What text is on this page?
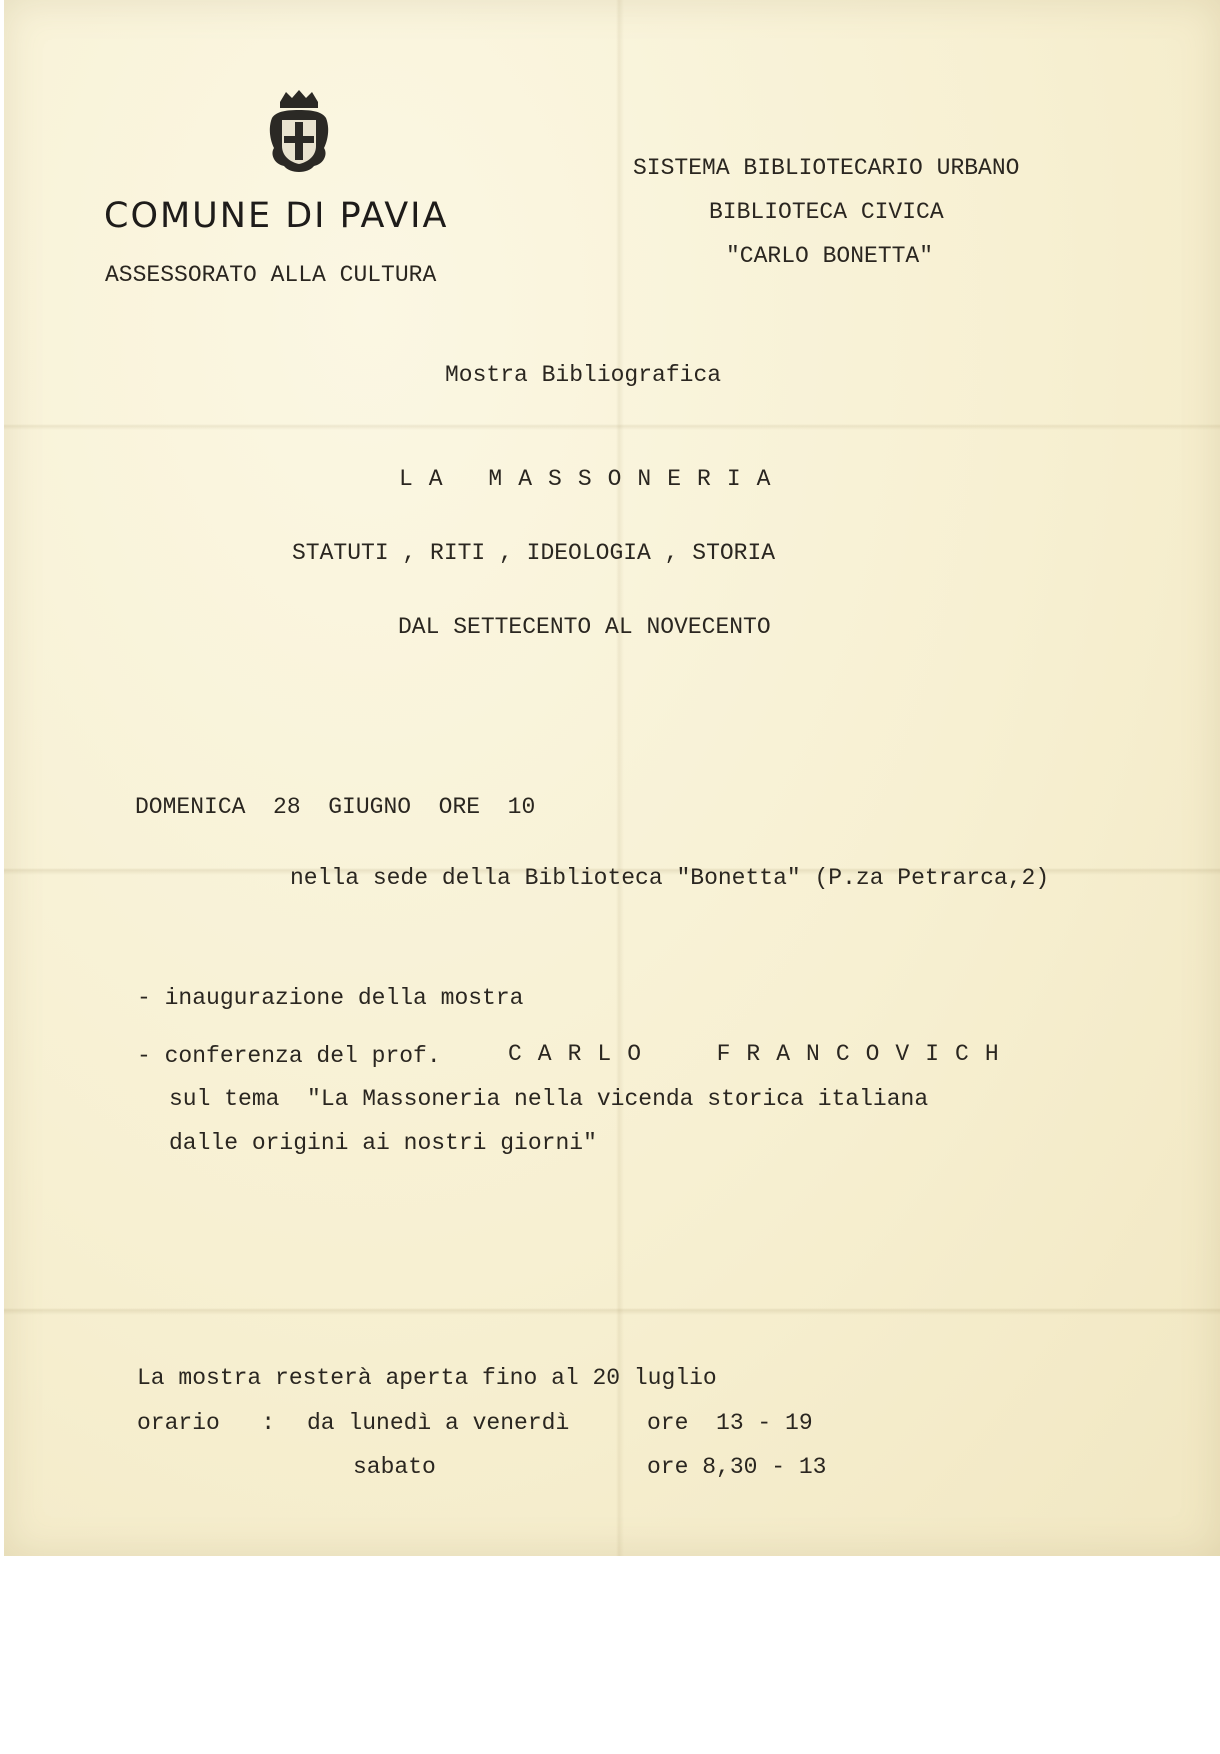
COMUNE DI PAVIA
ASSESSORATO ALLA CULTURA
SISTEMA BIBLIOTECARIO URBANO
BIBLIOTECA CIVICA
"CARLO BONETTA"
Mostra Bibliografica
LA MASSONERIA
STATUTI , RITI , IDEOLOGIA , STORIA
DAL SETTECENTO AL NOVECENTO
DOMENICA  28  GIUGNO  ORE  10
nella sede della Biblioteca "Bonetta" (P.za Petrarca,2)
- inaugurazione della mostra
- conferenza del prof.	CARLO  FRANCOVICH
sul tema  "La Massoneria nella vicenda storica italiana
dalle origini ai nostri giorni"
La mostra resterà aperta fino al 20 luglio
orario   : da lunedì a venerdì	ore  13 - 19
sabato	ore 8,30 - 13
